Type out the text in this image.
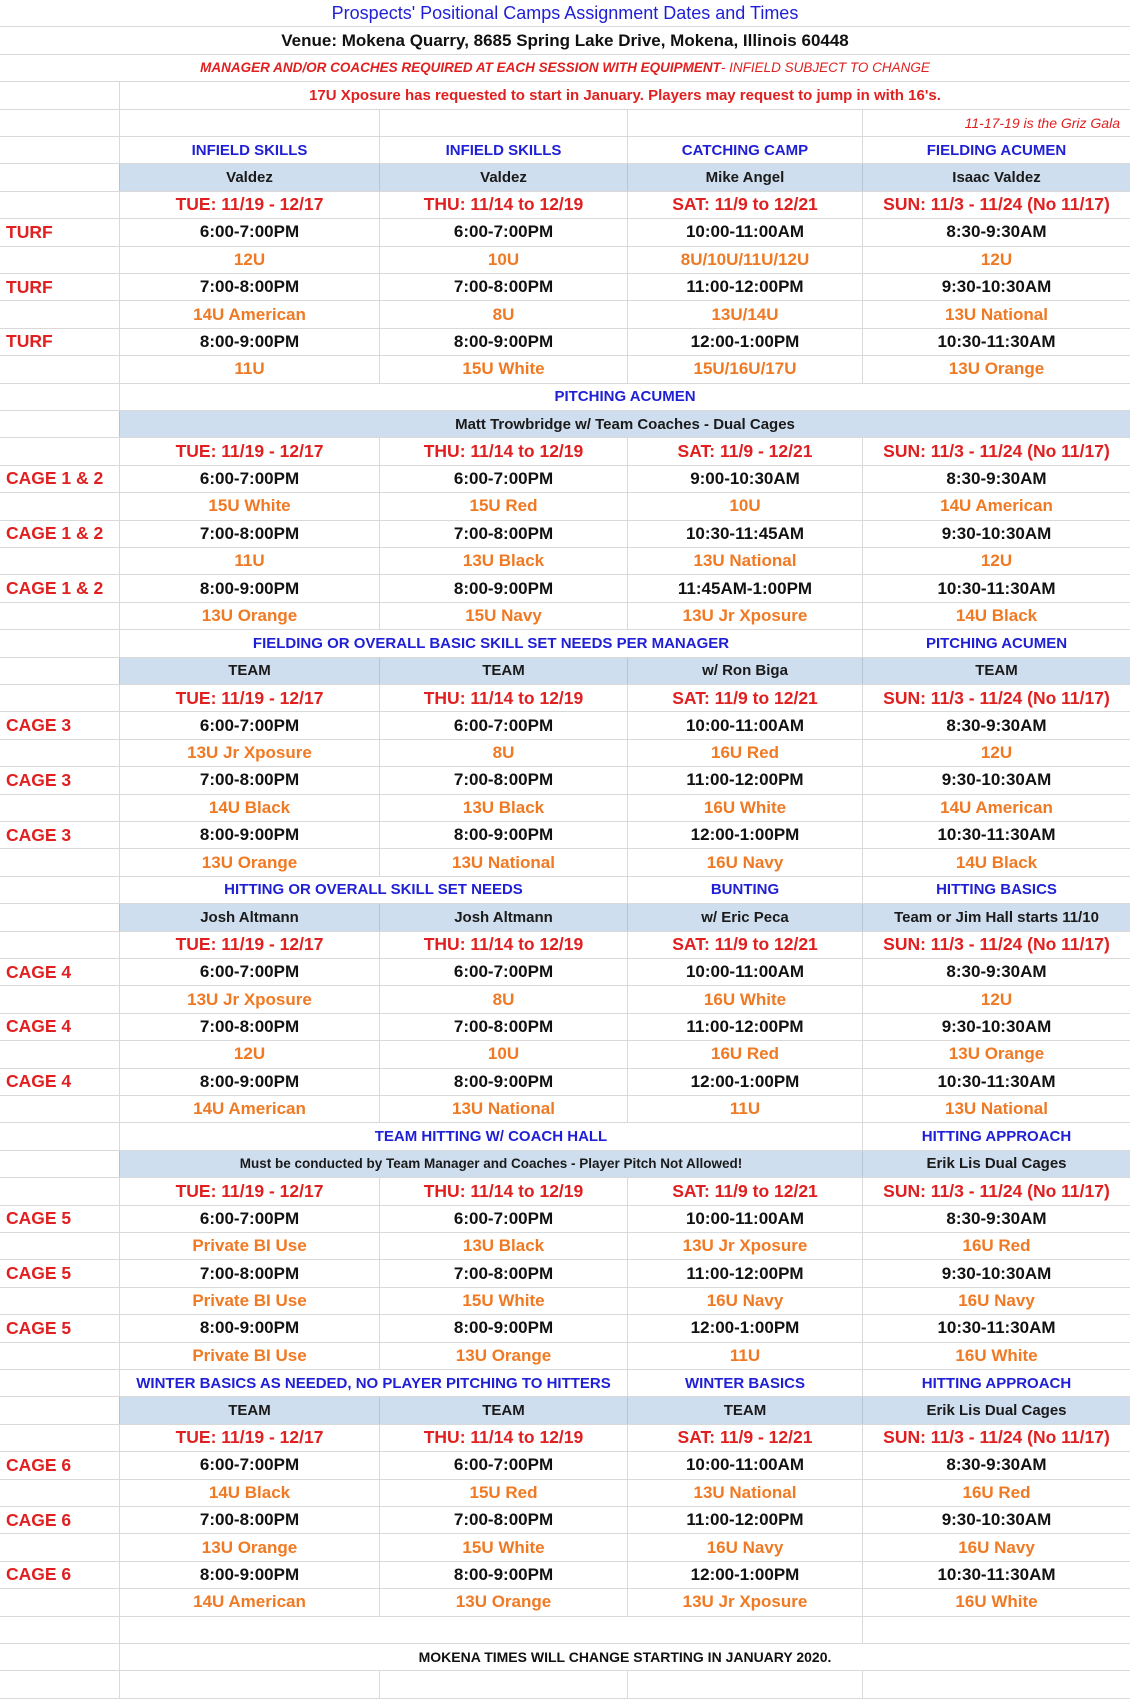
Prospects' Positional Camps Assignment Dates and Times
Venue: Mokena Quarry, 8685 Spring Lake Drive, Mokena, Illinois 60448
MANAGER AND/OR COACHES REQUIRED AT EACH SESSION WITH EQUIPMENT - INFIELD SUBJECT TO CHANGE
17U Xposure has requested to start in January. Players may request to jump in with 16's.
11-17-19 is the Griz Gala
INFIELD SKILLS	INFIELD SKILLS	CATCHING CAMP	FIELDING ACUMEN
Valdez	Valdez	Mike Angel	Isaac Valdez
TUE: 11/19 - 12/17	THU: 11/14 to 12/19	SAT: 11/9 to 12/21	SUN: 11/3 - 11/24 (No 11/17)
TURF	6:00-7:00PM	6:00-7:00PM	10:00-11:00AM	8:30-9:30AM
12U	10U	8U/10U/11U/12U	12U
TURF	7:00-8:00PM	7:00-8:00PM	11:00-12:00PM	9:30-10:30AM
14U American	8U	13U/14U	13U National
TURF	8:00-9:00PM	8:00-9:00PM	12:00-1:00PM	10:30-11:30AM
11U	15U White	15U/16U/17U	13U Orange
PITCHING ACUMEN
Matt Trowbridge w/ Team Coaches - Dual Cages
TUE: 11/19 - 12/17	THU: 11/14 to 12/19	SAT: 11/9 - 12/21	SUN: 11/3 - 11/24 (No 11/17)
CAGE 1 & 2	6:00-7:00PM	6:00-7:00PM	9:00-10:30AM	8:30-9:30AM
15U White	15U Red	10U	14U American
CAGE 1 & 2	7:00-8:00PM	7:00-8:00PM	10:30-11:45AM	9:30-10:30AM
11U	13U Black	13U National	12U
CAGE 1 & 2	8:00-9:00PM	8:00-9:00PM	11:45AM-1:00PM	10:30-11:30AM
13U Orange	15U Navy	13U Jr Xposure	14U Black
FIELDING OR OVERALL BASIC SKILL SET NEEDS PER MANAGER	PITCHING ACUMEN
TEAM	TEAM	w/ Ron Biga	TEAM
TUE: 11/19 - 12/17	THU: 11/14 to 12/19	SAT: 11/9 to 12/21	SUN: 11/3 - 11/24 (No 11/17)
CAGE 3	6:00-7:00PM	6:00-7:00PM	10:00-11:00AM	8:30-9:30AM
13U Jr Xposure	8U	16U Red	12U
CAGE 3	7:00-8:00PM	7:00-8:00PM	11:00-12:00PM	9:30-10:30AM
14U Black	13U Black	16U White	14U American
CAGE 3	8:00-9:00PM	8:00-9:00PM	12:00-1:00PM	10:30-11:30AM
13U Orange	13U National	16U Navy	14U Black
HITTING OR OVERALL SKILL SET NEEDS	BUNTING	HITTING BASICS
Josh Altmann	Josh Altmann	w/ Eric Peca	Team or Jim Hall starts 11/10
TUE: 11/19 - 12/17	THU: 11/14 to 12/19	SAT: 11/9 to 12/21	SUN: 11/3 - 11/24 (No 11/17)
CAGE 4	6:00-7:00PM	6:00-7:00PM	10:00-11:00AM	8:30-9:30AM
13U Jr Xposure	8U	16U White	12U
CAGE 4	7:00-8:00PM	7:00-8:00PM	11:00-12:00PM	9:30-10:30AM
12U	10U	16U Red	13U Orange
CAGE 4	8:00-9:00PM	8:00-9:00PM	12:00-1:00PM	10:30-11:30AM
14U American	13U National	11U	13U National
TEAM HITTING W/ COACH HALL	HITTING APPROACH
Must be conducted by Team Manager and Coaches - Player Pitch Not Allowed!	Erik Lis Dual Cages
TUE: 11/19 - 12/17	THU: 11/14 to 12/19	SAT: 11/9 to 12/21	SUN: 11/3 - 11/24 (No 11/17)
CAGE 5	6:00-7:00PM	6:00-7:00PM	10:00-11:00AM	8:30-9:30AM
Private BI Use	13U Black	13U Jr Xposure	16U Red
CAGE 5	7:00-8:00PM	7:00-8:00PM	11:00-12:00PM	9:30-10:30AM
Private BI Use	15U White	16U Navy	16U Navy
CAGE 5	8:00-9:00PM	8:00-9:00PM	12:00-1:00PM	10:30-11:30AM
Private BI Use	13U Orange	11U	16U White
WINTER BASICS AS NEEDED, NO PLAYER PITCHING TO HITTERS	WINTER BASICS	HITTING APPROACH
TEAM	TEAM	TEAM	Erik Lis Dual Cages
TUE: 11/19 - 12/17	THU: 11/14 to 12/19	SAT: 11/9 - 12/21	SUN: 11/3 - 11/24 (No 11/17)
CAGE 6	6:00-7:00PM	6:00-7:00PM	10:00-11:00AM	8:30-9:30AM
14U Black	15U Red	13U National	16U Red
CAGE 6	7:00-8:00PM	7:00-8:00PM	11:00-12:00PM	9:30-10:30AM
13U Orange	15U White	16U Navy	16U Navy
CAGE 6	8:00-9:00PM	8:00-9:00PM	12:00-1:00PM	10:30-11:30AM
14U American	13U Orange	13U Jr Xposure	16U White
MOKENA TIMES WILL CHANGE STARTING IN JANUARY 2020.
